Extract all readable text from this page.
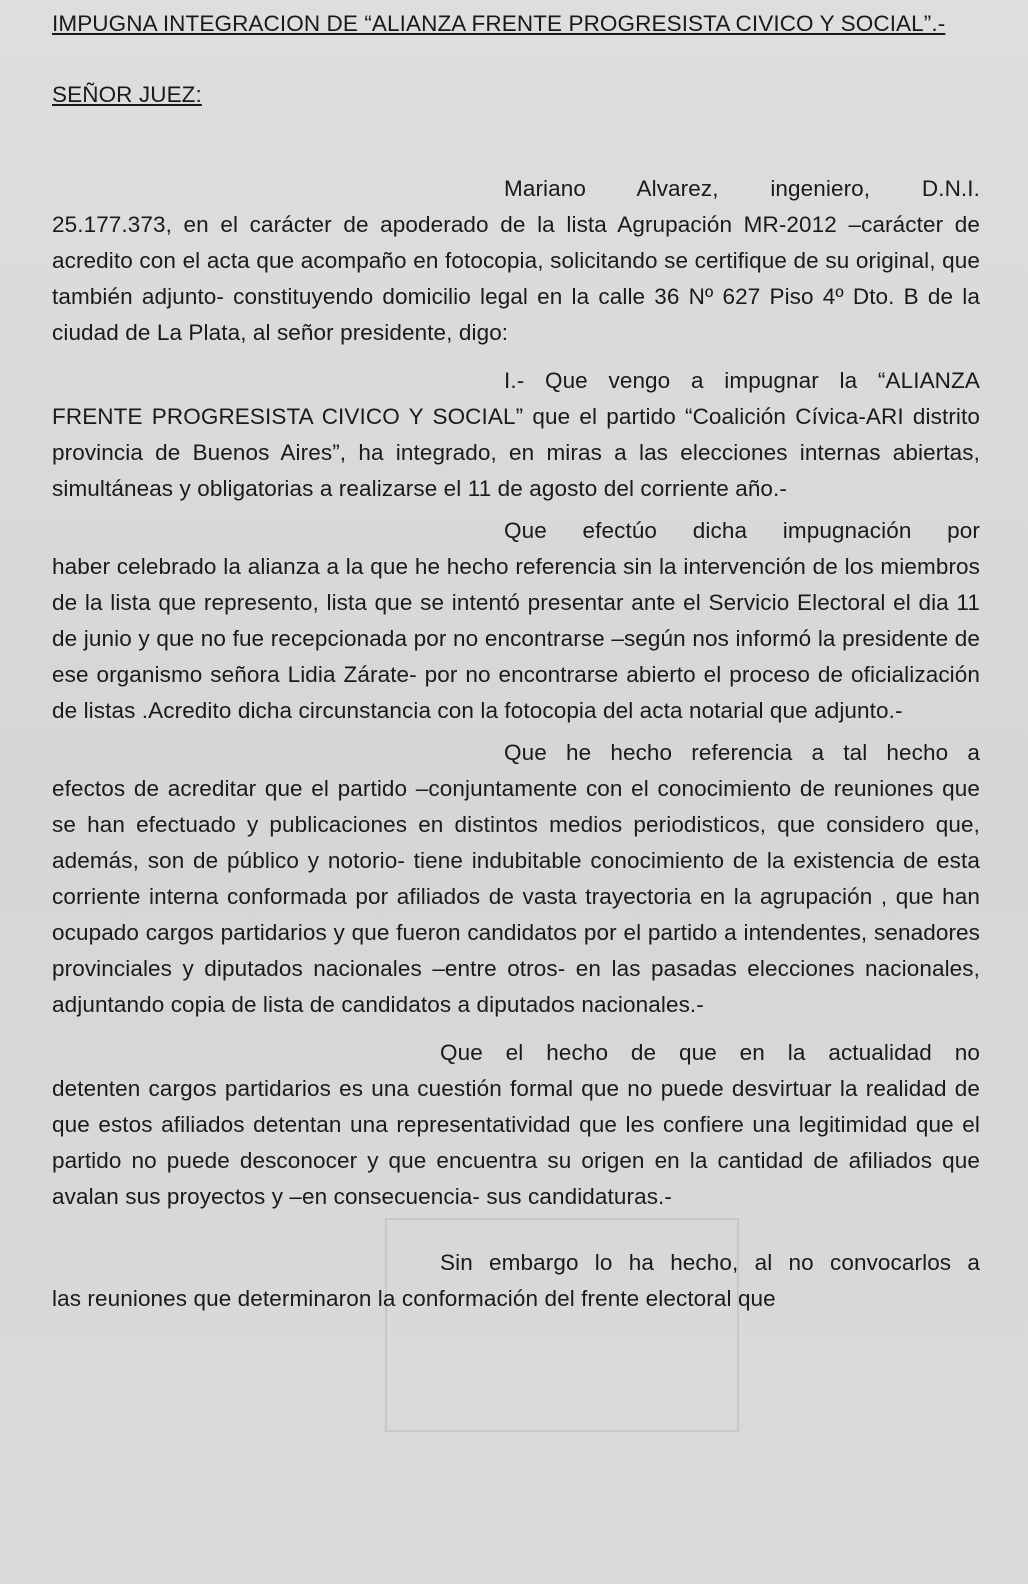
IMPUGNA INTEGRACION DE “ALIANZA FRENTE PROGRESISTA CIVICO Y SOCIAL”.-

SEÑOR JUEZ:

Mariano Alvarez, ingeniero, D.N.I.
25.177.373, en el carácter de apoderado de la lista Agrupación MR-2012 –carácter de acredito con el acta que acompaño en fotocopia, solicitando se certifique de su original, que también adjunto- constituyendo domicilio legal en la calle 36 Nº 627 Piso 4º Dto. B de la ciudad de La Plata, al señor presidente, digo:

I.- Que vengo a impugnar la “ALIANZA
FRENTE PROGRESISTA CIVICO Y SOCIAL” que el partido “Coalición Cívica-ARI distrito provincia de Buenos Aires”, ha integrado, en miras a las elecciones internas abiertas, simultáneas y obligatorias a realizarse el 11 de agosto del corriente año.-

Que efectúo dicha impugnación por
haber celebrado la alianza a la que he hecho referencia sin la intervención de los miembros de la lista que represento, lista que se intentó presentar ante el Servicio Electoral el dia 11 de junio y que no fue recepcionada por no encontrarse –según nos informó la presidente de ese organismo señora Lidia Zárate- por no encontrarse abierto el proceso de oficialización de listas .Acredito dicha circunstancia con la fotocopia del acta notarial que adjunto.-

Que he hecho referencia a tal hecho a
efectos de acreditar que el partido –conjuntamente con el conocimiento de reuniones que se han efectuado y publicaciones en distintos medios periodisticos, que considero que, además, son de público y notorio- tiene indubitable conocimiento de la existencia de esta corriente interna conformada por afiliados de vasta trayectoria en la agrupación , que han ocupado cargos partidarios y que fueron candidatos por el partido a intendentes, senadores provinciales y diputados nacionales –entre otros- en las pasadas elecciones nacionales, adjuntando copia de lista de candidatos a diputados nacionales.-

Que el hecho de que en la actualidad no
detenten cargos partidarios es una cuestión formal que no puede desvirtuar la realidad de que estos afiliados detentan una representatividad que les confiere una legitimidad que el partido no puede desconocer y que encuentra su origen en la cantidad de afiliados que avalan sus proyectos y –en consecuencia- sus candidaturas.-

Sin embargo lo ha hecho, al no convocarlos a
las reuniones que determinaron la conformación del frente electoral que
